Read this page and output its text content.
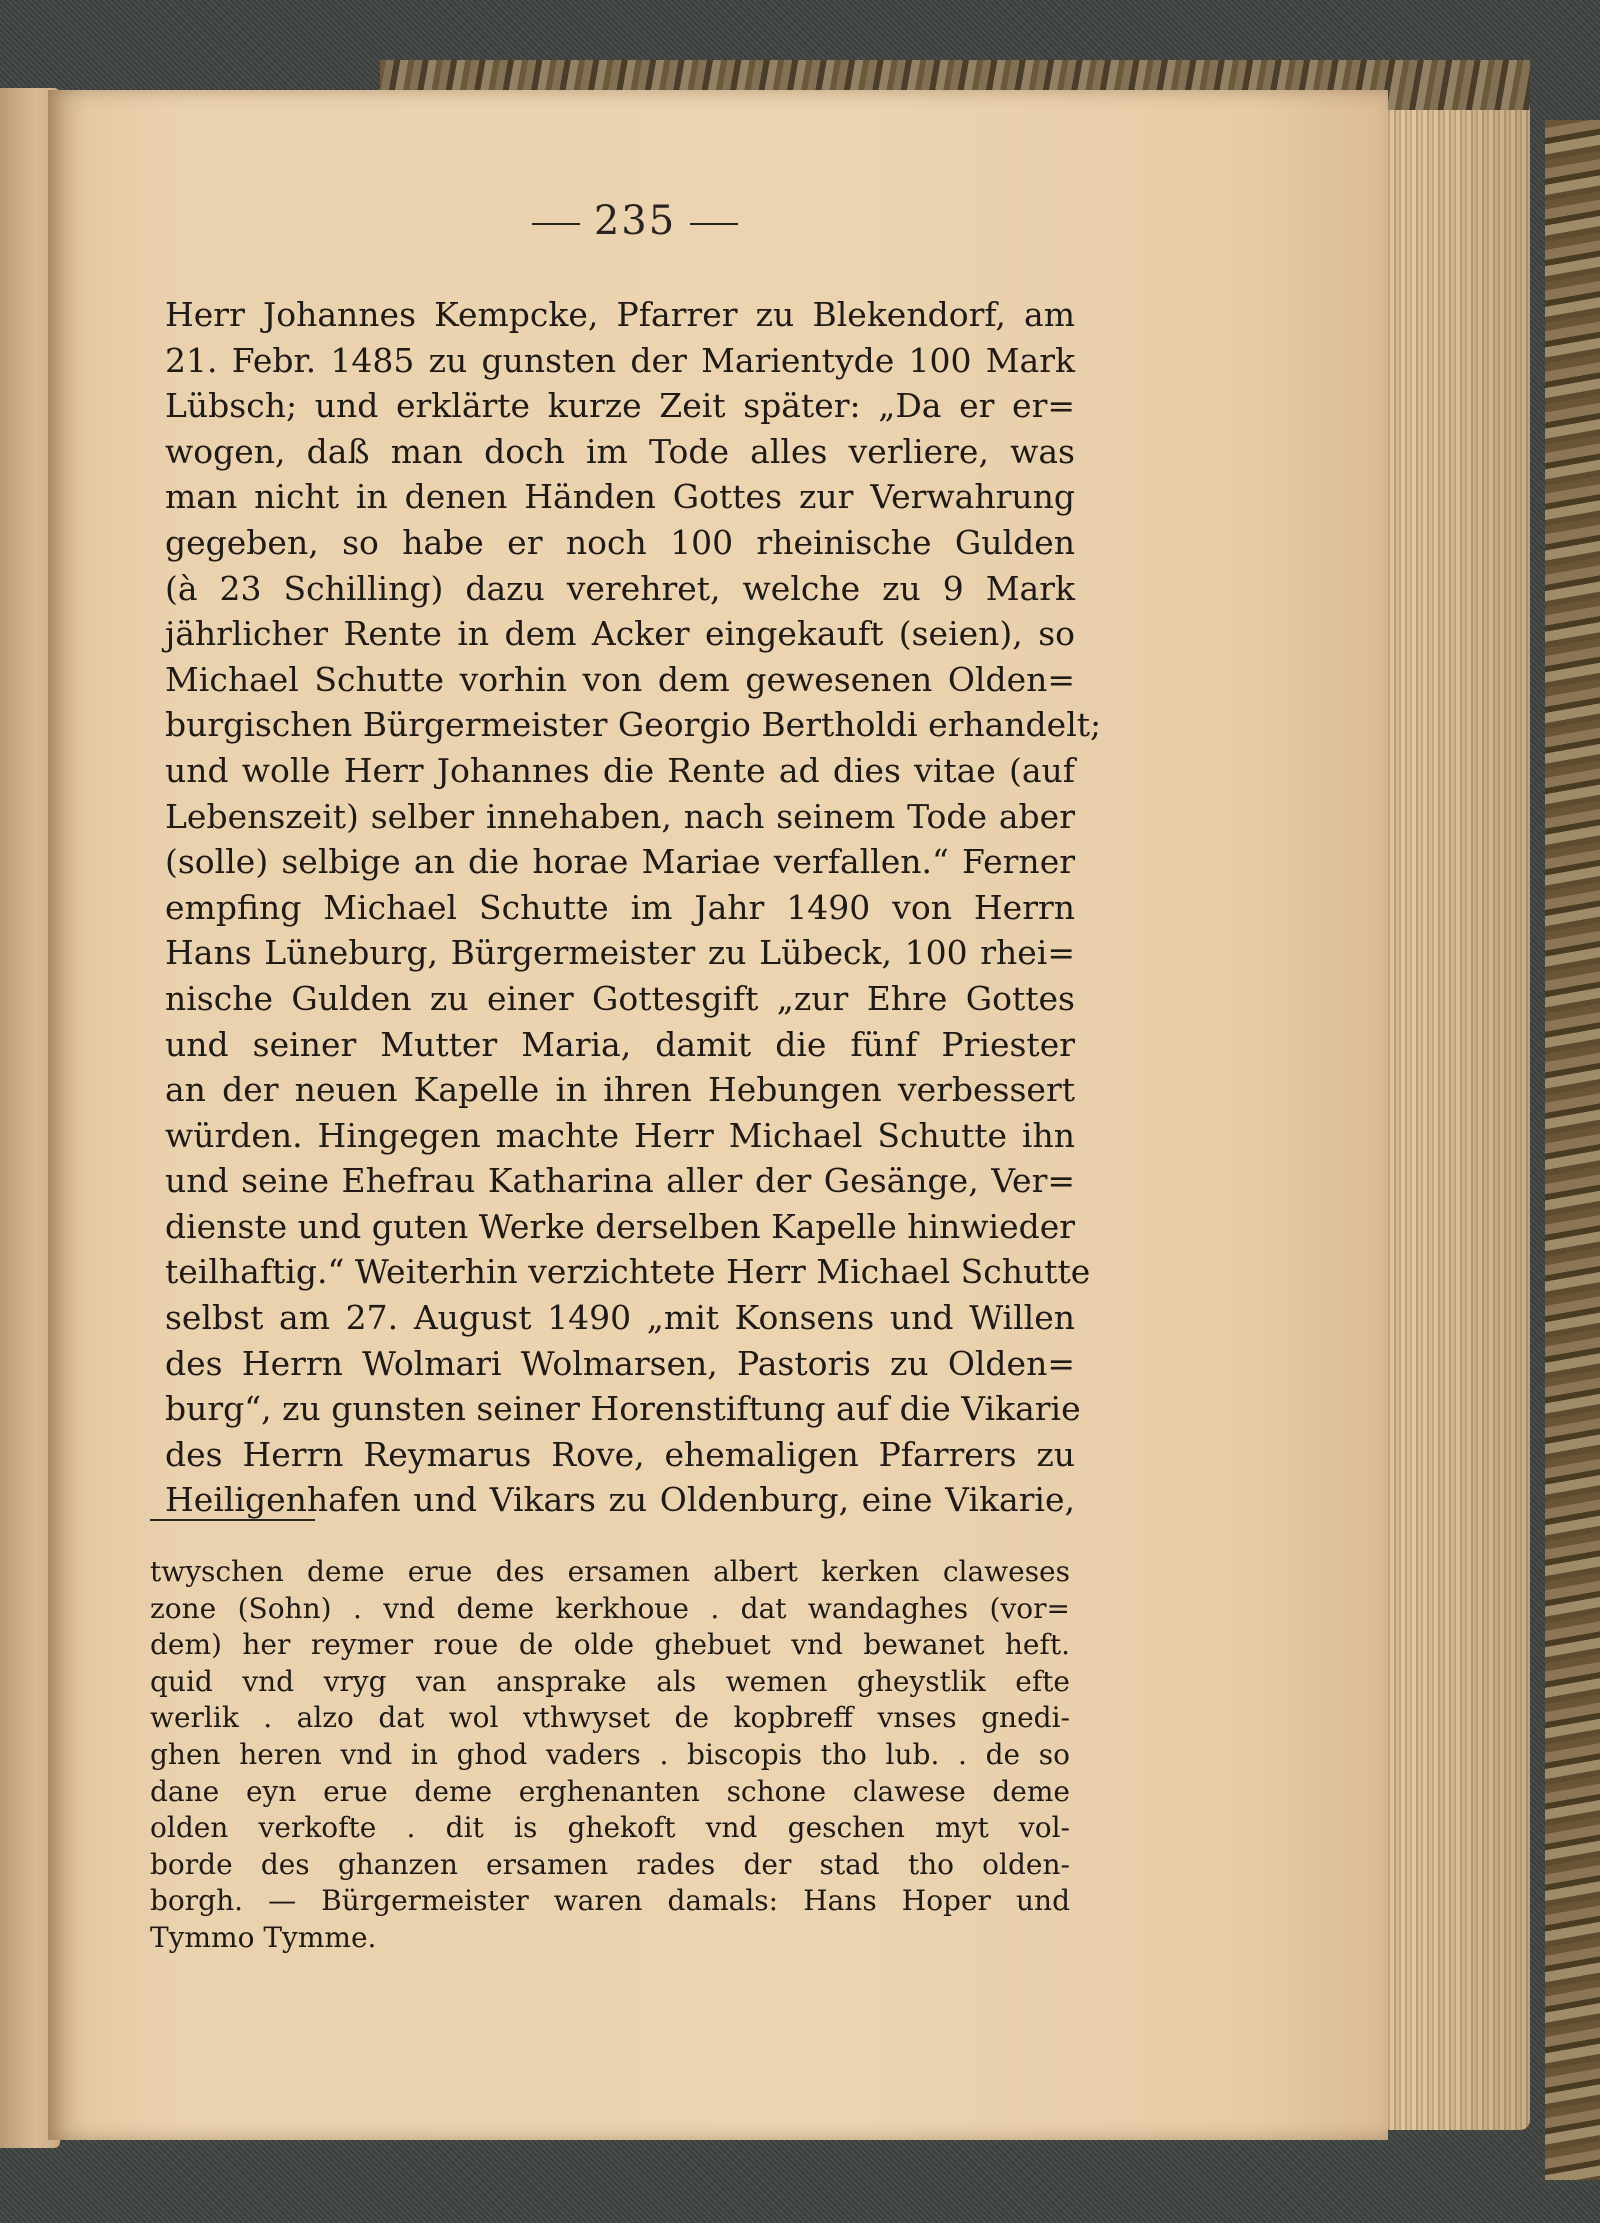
235
Herr Johannes Kempcke, Pfarrer zu Blekendorf, am
21. Febr. 1485 zu gunsten der Marientyde 100 Mark
Lübsch; und erklärte kurze Zeit später: „Da er er=
wogen, daß man doch im Tode alles verliere, was
man nicht in denen Händen Gottes zur Verwahrung
gegeben, so habe er noch 100 rheinische Gulden
(à 23 Schilling) dazu verehret, welche zu 9 Mark
jährlicher Rente in dem Acker eingekauft (seien), so
Michael Schutte vorhin von dem gewesenen Olden=
burgischen Bürgermeister Georgio Bertholdi erhandelt;
und wolle Herr Johannes die Rente ad dies vitae (auf
Lebenszeit) selber innehaben, nach seinem Tode aber
(solle) selbige an die horae Mariae verfallen.“ Ferner
empfing Michael Schutte im Jahr 1490 von Herrn
Hans Lüneburg, Bürgermeister zu Lübeck, 100 rhei=
nische Gulden zu einer Gottesgift „zur Ehre Gottes
und seiner Mutter Maria, damit die fünf Priester
an der neuen Kapelle in ihren Hebungen verbessert
würden. Hingegen machte Herr Michael Schutte ihn
und seine Ehefrau Katharina aller der Gesänge, Ver=
dienste und guten Werke derselben Kapelle hinwieder
teilhaftig.“ Weiterhin verzichtete Herr Michael Schutte
selbst am 27. August 1490 „mit Konsens und Willen
des Herrn Wolmari Wolmarsen, Pastoris zu Olden=
burg“, zu gunsten seiner Horenstiftung auf die Vikarie
des Herrn Reymarus Rove, ehemaligen Pfarrers zu
Heiligenhafen und Vikars zu Oldenburg, eine Vikarie,
twyschen deme erue des ersamen albert kerken claweses
zone (Sohn) . vnd deme kerkhoue . dat wandaghes (vor=
dem) her reymer roue de olde ghebuet vnd bewanet heft.
quid vnd vryg van ansprake als wemen gheystlik efte
werlik . alzo dat wol vthwyset de kopbreff vnses gnedi-
ghen heren vnd in ghod vaders . biscopis tho lub. . de so
dane eyn erue deme erghenanten schone clawese deme
olden verkofte . dit is ghekoft vnd geschen myt vol-
borde des ghanzen ersamen rades der stad tho olden-
borgh. — Bürgermeister waren damals: Hans Hoper und
Tymmo Tymme.
